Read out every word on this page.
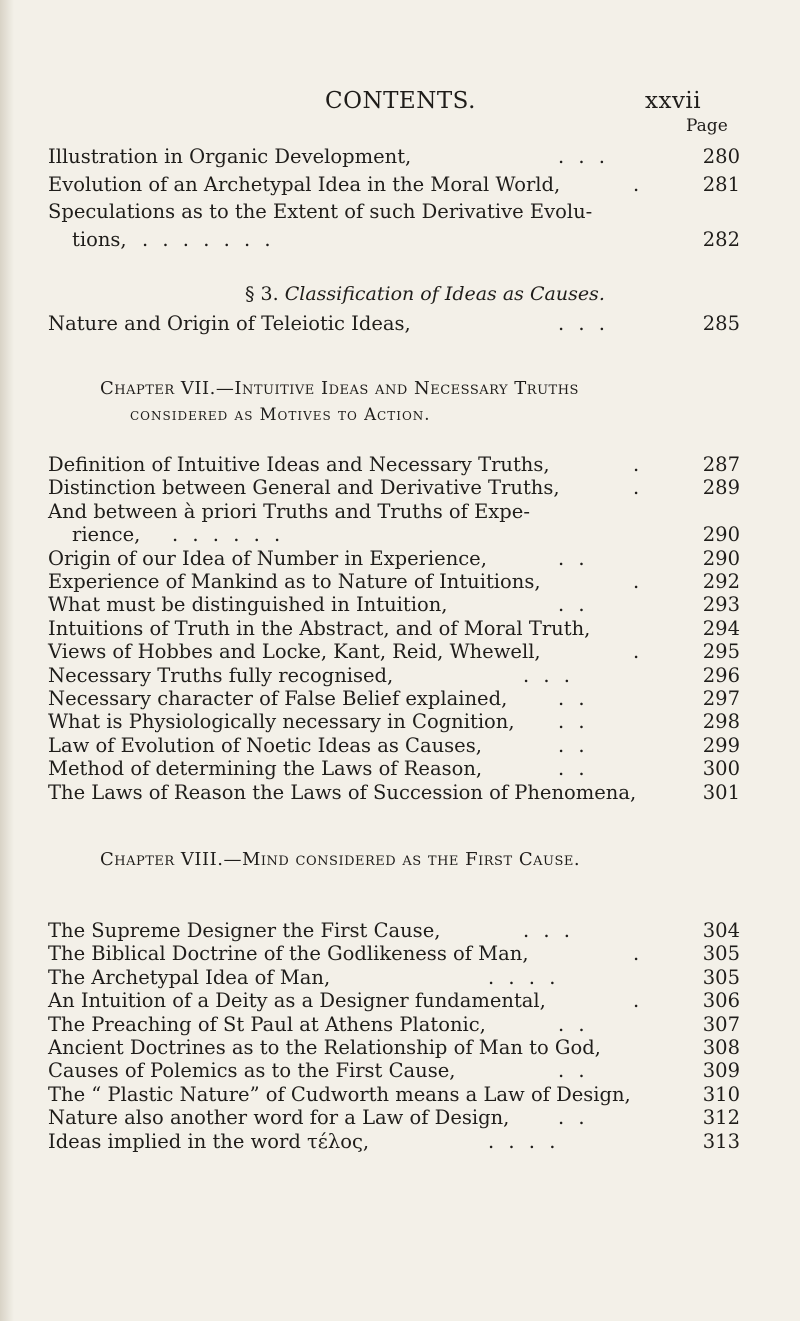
CONTENTS.	xxvii
Page
Illustration in Organic Development,	. . .	280
Evolution of an Archetypal Idea in the Moral World,	.	281
Speculations as to the Extent of such Derivative Evolu-
tions, . . . . . . .	282
§ 3. Classification of Ideas as Causes.
Nature and Origin of Teleiotic Ideas,	. . .	285
Chapter VII.—Intuitive Ideas and Necessary Truths
considered as Motives to Action.
Definition of Intuitive Ideas and Necessary Truths,	.	287
Distinction between General and Derivative Truths,	.	289
And between à priori Truths and Truths of Expe-
rience, . . . . . .	290
Origin of our Idea of Number in Experience,	. .	290
Experience of Mankind as to Nature of Intuitions,	.	292
What must be distinguished in Intuition,	. .	293
Intuitions of Truth in the Abstract, and of Moral Truth,	294
Views of Hobbes and Locke, Kant, Reid, Whewell,	.	295
Necessary Truths fully recognised,	. . .	296
Necessary character of False Belief explained,	. .	297
What is Physiologically necessary in Cognition, . .	298
Law of Evolution of Noetic Ideas as Causes,	. .	299
Method of determining the Laws of Reason,	. .	300
The Laws of Reason the Laws of Succession of Phenomena,	301
Chapter VIII.—Mind considered as the First Cause.
The Supreme Designer the First Cause,	. . .	304
The Biblical Doctrine of the Godlikeness of Man,	.	305
The Archetypal Idea of Man,	. . . .	305
An Intuition of a Deity as a Designer fundamental,	.	306
The Preaching of St Paul at Athens Platonic,	. .	307
Ancient Doctrines as to the Relationship of Man to God,	308
Causes of Polemics as to the First Cause,	. .	309
The “ Plastic Nature” of Cudworth means a Law of Design,	310
Nature also another word for a Law of Design, . .	312
Ideas implied in the word τέλος,	. . . .	313
